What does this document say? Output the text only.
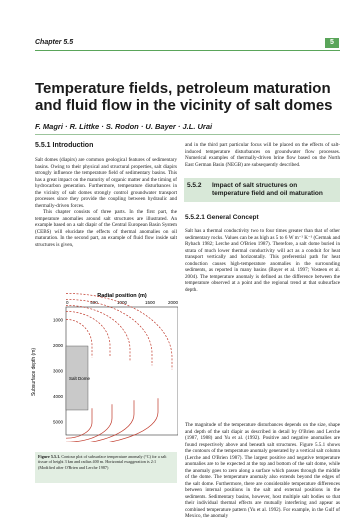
Chapter 5.5	5
Temperature fields, petroleum maturation and fluid flow in the vicinity of salt domes
F. Magri · R. Littke · S. Rodon · U. Bayer · J.L. Urai
5.5.1 Introduction

Salt domes (diapirs) are common geological features of sedimentary basins. Owing to their physical and structural properties, salt diapirs strongly influence the temperature field of sedimentary basins. This has a great impact on the maturity of organic matter and the timing of hydrocarbon generation. Furthermore, temperature disturbances in the vicinity of salt domes strongly control groundwater transport processes since they provide the coupling between hydraulic and thermally-driven forces.

This chapter consists of three parts. In the first part, the temperature anomalies around salt structures are illustrated. An example based on a salt diapir of the Central European Basin System (CEBS) will elucidate the effects of thermal anomalies on oil maturation. In the second part, an example of fluid flow inside salt structures is given,

and in the third part particular focus will be placed on the effects of salt-induced temperature disturbances on groundwater flow processes. Numerical examples of thermally-driven brine flow based on the North East German Basin (NEGB) are subsequently described.

5.5.2 Impact of salt structures on temperature field and oil maturation
5.5.2.1 General Concept

Salt has a thermal conductivity two to four times greater than that of other sedimentary rocks. Values can be as high as 5 to 6 W m⁻¹ K⁻¹ (Cermak and Rybach 1982; Lerche and O'Brien 1987). Therefore, a salt dome buried in strata of much lower thermal conductivity will act as a conduit for heat transport vertically and horizontally. This preferential path for heat conduction causes high-temperature anomalies in the surrounding sediments, as reported in many basins (Bayer et al. 1997; Vosteen et al. 2004). The temperature anomaly is defined as the difference between the temperature observed at a point and the regional trend at that subsurface depth.

The magnitude of the temperature disturbances depends on the size, shape and depth of the salt diapir as described in detail by O'Brien and Lerche (1987, 1988) and Yu et al. (1992). Positive and negative anomalies are found respectively above and beneath salt structures. Figure 5.5.1 shows the contours of the temperature anomaly generated by a vertical salt column (Lerche and O'Brien 1987). The largest positive and negative temperature anomalies are to be expected at the top and bottom of the salt dome, while the anomaly goes to zero along a surface which passes through the middle of the dome. The temperature anomaly also extends beyond the edges of the salt dome. Furthermore, there are considerable temperature differences between internal positions in the salt and external positions in the sediments. Sedimentary basins, however, host multiple salt bodies so that their individual thermal effects are mutually interfering and appear as combined temperature pattern (Yu et al. 1992). For example, in the Gulf of Mexico, the anomaly

Radial position (m)
0	500	1000	1500	2000
Subsurface depth (m)
1000
2000
3000
4000
5000
Salt Dome
Figure 5.5.1. Contour plot of subsurface temperature anomaly (°C) for a salt tissue of height 3 km and radius 400 m. Horizontal exaggeration is 2:1 (Modified after O'Brien and Lerche 1987)
